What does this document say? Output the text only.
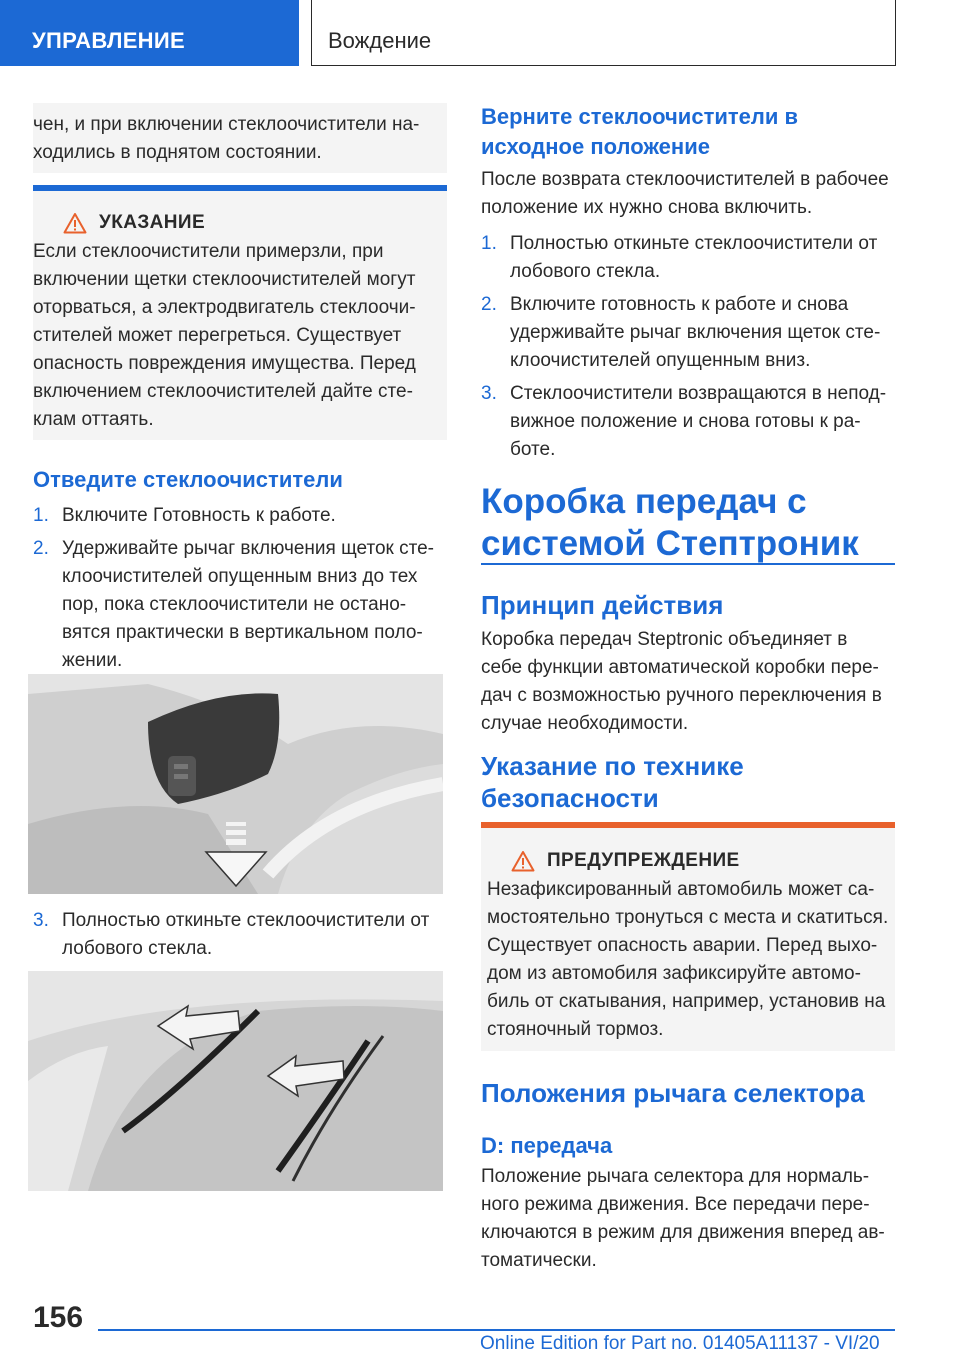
УПРАВЛЕНИЕ	Вождение
чен, и при включении стеклоочистители на-
ходились в поднятом состоянии.
УКАЗАНИЕ
Если стеклоочистители примерзли, при
включении щетки стеклоочистителей могут
оторваться, а электродвигатель стеклоочи-
стителей может перегреться. Существует
опасность повреждения имущества. Перед
включением стеклоочистителей дайте сте-
клам оттаять.
Отведите стеклоочистители
1. Включите Готовность к работе.
2. Удерживайте рычаг включения щеток сте-
клоочистителей опущенным вниз до тех
пор, пока стеклоочистители не остано-
вятся практически в вертикальном поло-
жении.
3. Полностью откиньте стеклоочистители от
лобового стекла.
Верните стеклоочистители в
исходное положение
После возврата стеклоочистителей в рабочее
положение их нужно снова включить.
1. Полностью откиньте стеклоочистители от
лобового стекла.
2. Включите готовность к работе и снова
удерживайте рычаг включения щеток сте-
клоочистителей опущенным вниз.
3. Стеклоочистители возвращаются в непод-
вижное положение и снова готовы к ра-
боте.
Коробка передач с
системой Стептроник
Принцип действия
Коробка передач Steptronic объединяет в
себе функции автоматической коробки пере-
дач с возможностью ручного переключения в
случае необходимости.
Указание по технике
безопасности
ПРЕДУПРЕЖДЕНИЕ
Незафиксированный автомобиль может са-
мостоятельно тронуться с места и скатиться.
Существует опасность аварии. Перед выхо-
дом из автомобиля зафиксируйте автомо-
биль от скатывания, например, установив на
стояночный тормоз.
Положения рычага селектора
D: передача
Положение рычага селектора для нормаль-
ного режима движения. Все передачи пере-
ключаются в режим для движения вперед ав-
томатически.
156
Online Edition for Part no. 01405A11137 - VI/20
